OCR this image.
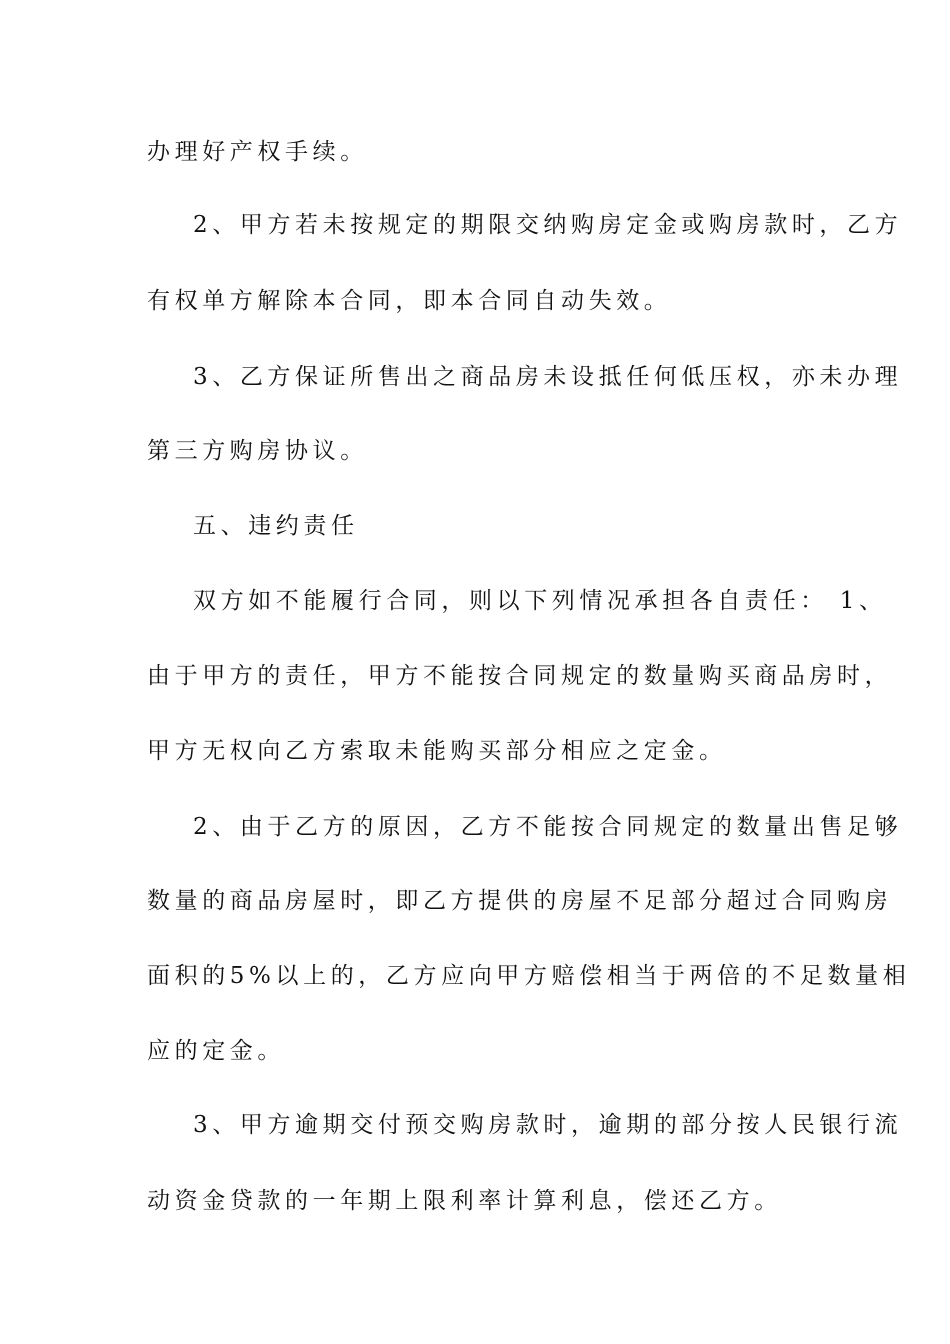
办理好产权手续。
2、甲方若未按规定的期限交纳购房定金或购房款时，乙方
有权单方解除本合同，即本合同自动失效。
3、乙方保证所售出之商品房未设抵任何低压权，亦未办理
第三方购房协议。
五、违约责任
双方如不能履行合同，则以下列情况承担各自责任： 1、
由于甲方的责任，甲方不能按合同规定的数量购买商品房时，
甲方无权向乙方索取未能购买部分相应之定金。
2、由于乙方的原因，乙方不能按合同规定的数量出售足够
数量的商品房屋时，即乙方提供的房屋不足部分超过合同购房
面积的5%以上的，乙方应向甲方赔偿相当于两倍的不足数量相
应的定金。
3、甲方逾期交付预交购房款时，逾期的部分按人民银行流
动资金贷款的一年期上限利率计算利息，偿还乙方。
